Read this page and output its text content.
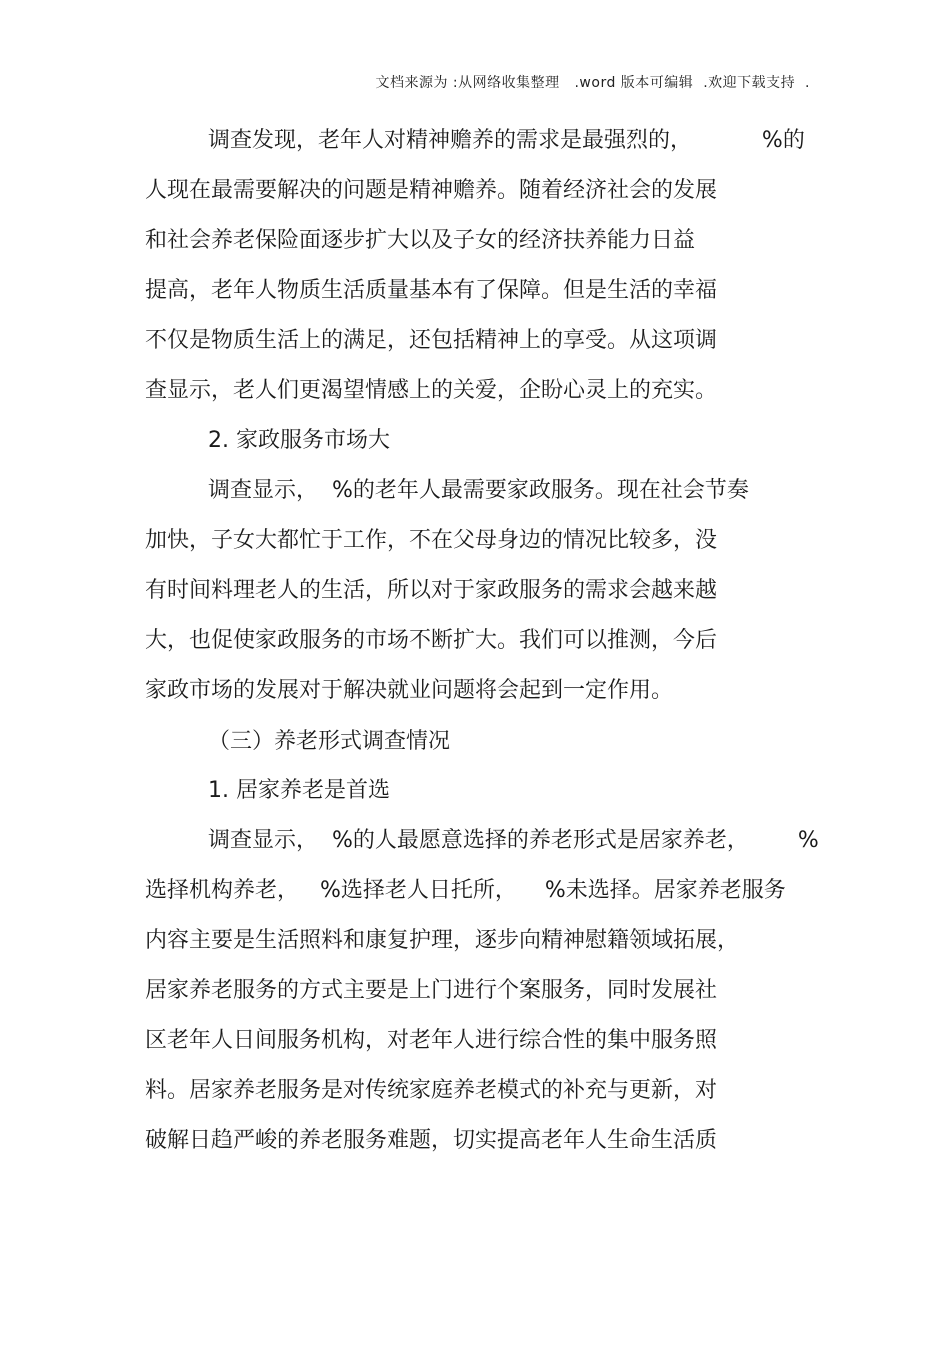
文档来源为 :从网络收集整理   .word 版本可编辑  .欢迎下载支持  .
调查发现，老年人对精神赡养的需求是最强烈的，          %的
人现在最需要解决的问题是精神赡养。随着经济社会的发展
和社会养老保险面逐步扩大以及子女的经济扶养能力日益
提高，老年人物质生活质量基本有了保障。但是生活的幸福
不仅是物质生活上的满足，还包括精神上的享受。从这项调
查显示，老人们更渴望情感上的关爱，企盼心灵上的充实。
2. 家政服务市场大
调查显示，  %的老年人最需要家政服务。现在社会节奏
加快，子女大都忙于工作，不在父母身边的情况比较多，没
有时间料理老人的生活，所以对于家政服务的需求会越来越
大，也促使家政服务的市场不断扩大。我们可以推测，今后
家政市场的发展对于解决就业问题将会起到一定作用。
（三）养老形式调查情况
1. 居家养老是首选
调查显示，  %的人最愿意选择的养老形式是居家养老，       %
选择机构养老，   %选择老人日托所，    %未选择。居家养老服务
内容主要是生活照料和康复护理，逐步向精神慰籍领域拓展，
居家养老服务的方式主要是上门进行个案服务，同时发展社
区老年人日间服务机构，对老年人进行综合性的集中服务照
料。居家养老服务是对传统家庭养老模式的补充与更新，对
破解日趋严峻的养老服务难题，切实提高老年人生命生活质
